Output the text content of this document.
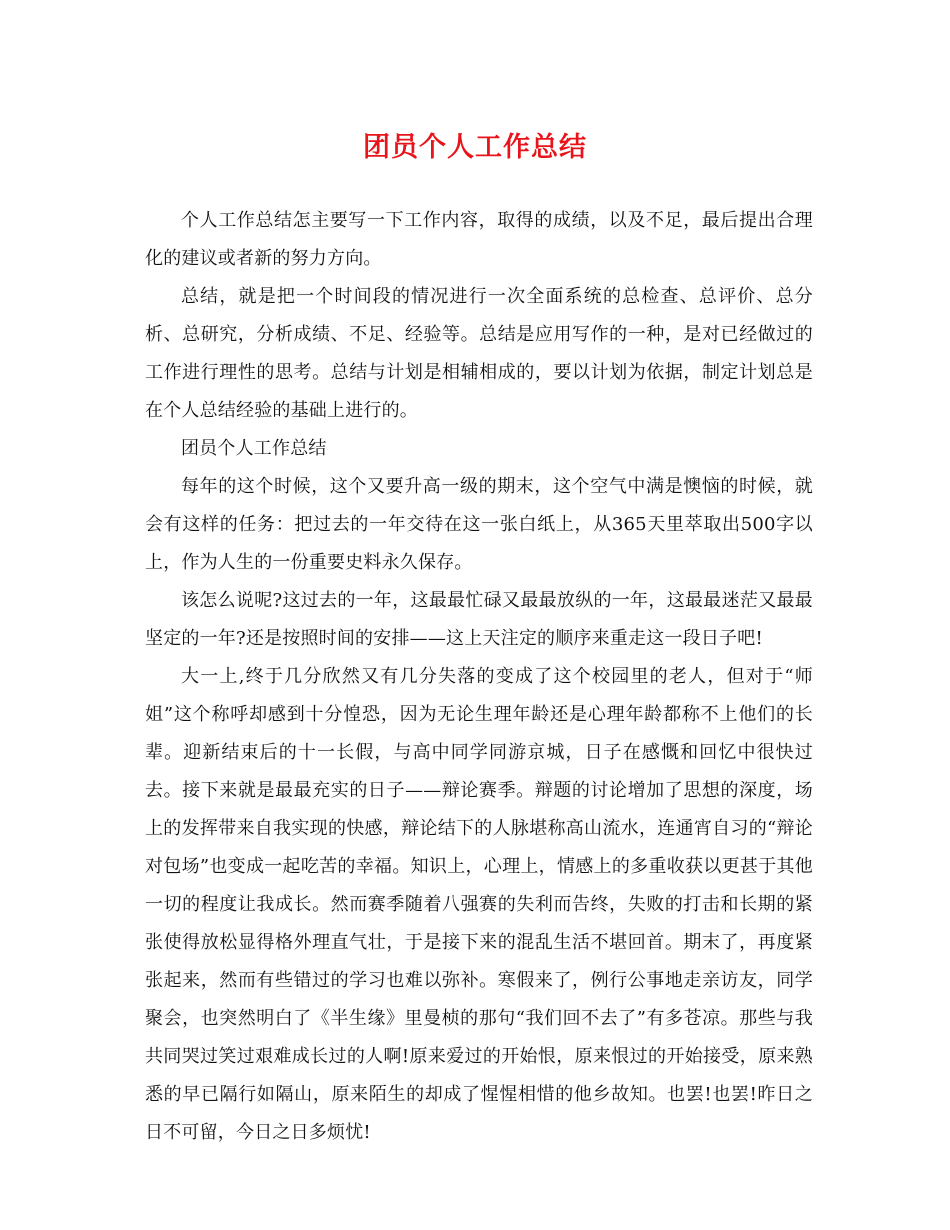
团员个人工作总结

个人工作总结怎主要写一下工作内容，取得的成绩，以及不足，最后提出合理化的建议或者新的努力方向。

总结，就是把一个时间段的情况进行一次全面系统的总检查、总评价、总分析、总研究，分析成绩、不足、经验等。总结是应用写作的一种，是对已经做过的工作进行理性的思考。总结与计划是相辅相成的，要以计划为依据，制定计划总是在个人总结经验的基础上进行的。

团员个人工作总结

每年的这个时候，这个又要升高一级的期末，这个空气中满是懊恼的时候，就会有这样的任务：把过去的一年交待在这一张白纸上，从365天里萃取出500字以上，作为人生的一份重要史料永久保存。

该怎么说呢?这过去的一年，这最最忙碌又最最放纵的一年，这最最迷茫又最最坚定的一年?还是按照时间的安排——这上天注定的顺序来重走这一段日子吧!

大一上,终于几分欣然又有几分失落的变成了这个校园里的老人，但对于“师姐”这个称呼却感到十分惶恐，因为无论生理年龄还是心理年龄都称不上他们的长辈。迎新结束后的十一长假，与高中同学同游京城，日子在感慨和回忆中很快过去。接下来就是最最充实的日子——辩论赛季。辩题的讨论增加了思想的深度，场上的发挥带来自我实现的快感，辩论结下的人脉堪称高山流水，连通宵自习的“辩论对包场”也变成一起吃苦的幸福。知识上，心理上，情感上的多重收获以更甚于其他一切的程度让我成长。然而赛季随着八强赛的失利而告终，失败的打击和长期的紧张使得放松显得格外理直气壮，于是接下来的混乱生活不堪回首。期末了，再度紧张起来，然而有些错过的学习也难以弥补。寒假来了，例行公事地走亲访友，同学聚会，也突然明白了《半生缘》里曼桢的那句“我们回不去了”有多苍凉。那些与我共同哭过笑过艰难成长过的人啊!原来爱过的开始恨，原来恨过的开始接受，原来熟悉的早已隔行如隔山，原来陌生的却成了惺惺相惜的他乡故知。也罢!也罢!昨日之日不可留，今日之日多烦忧!
